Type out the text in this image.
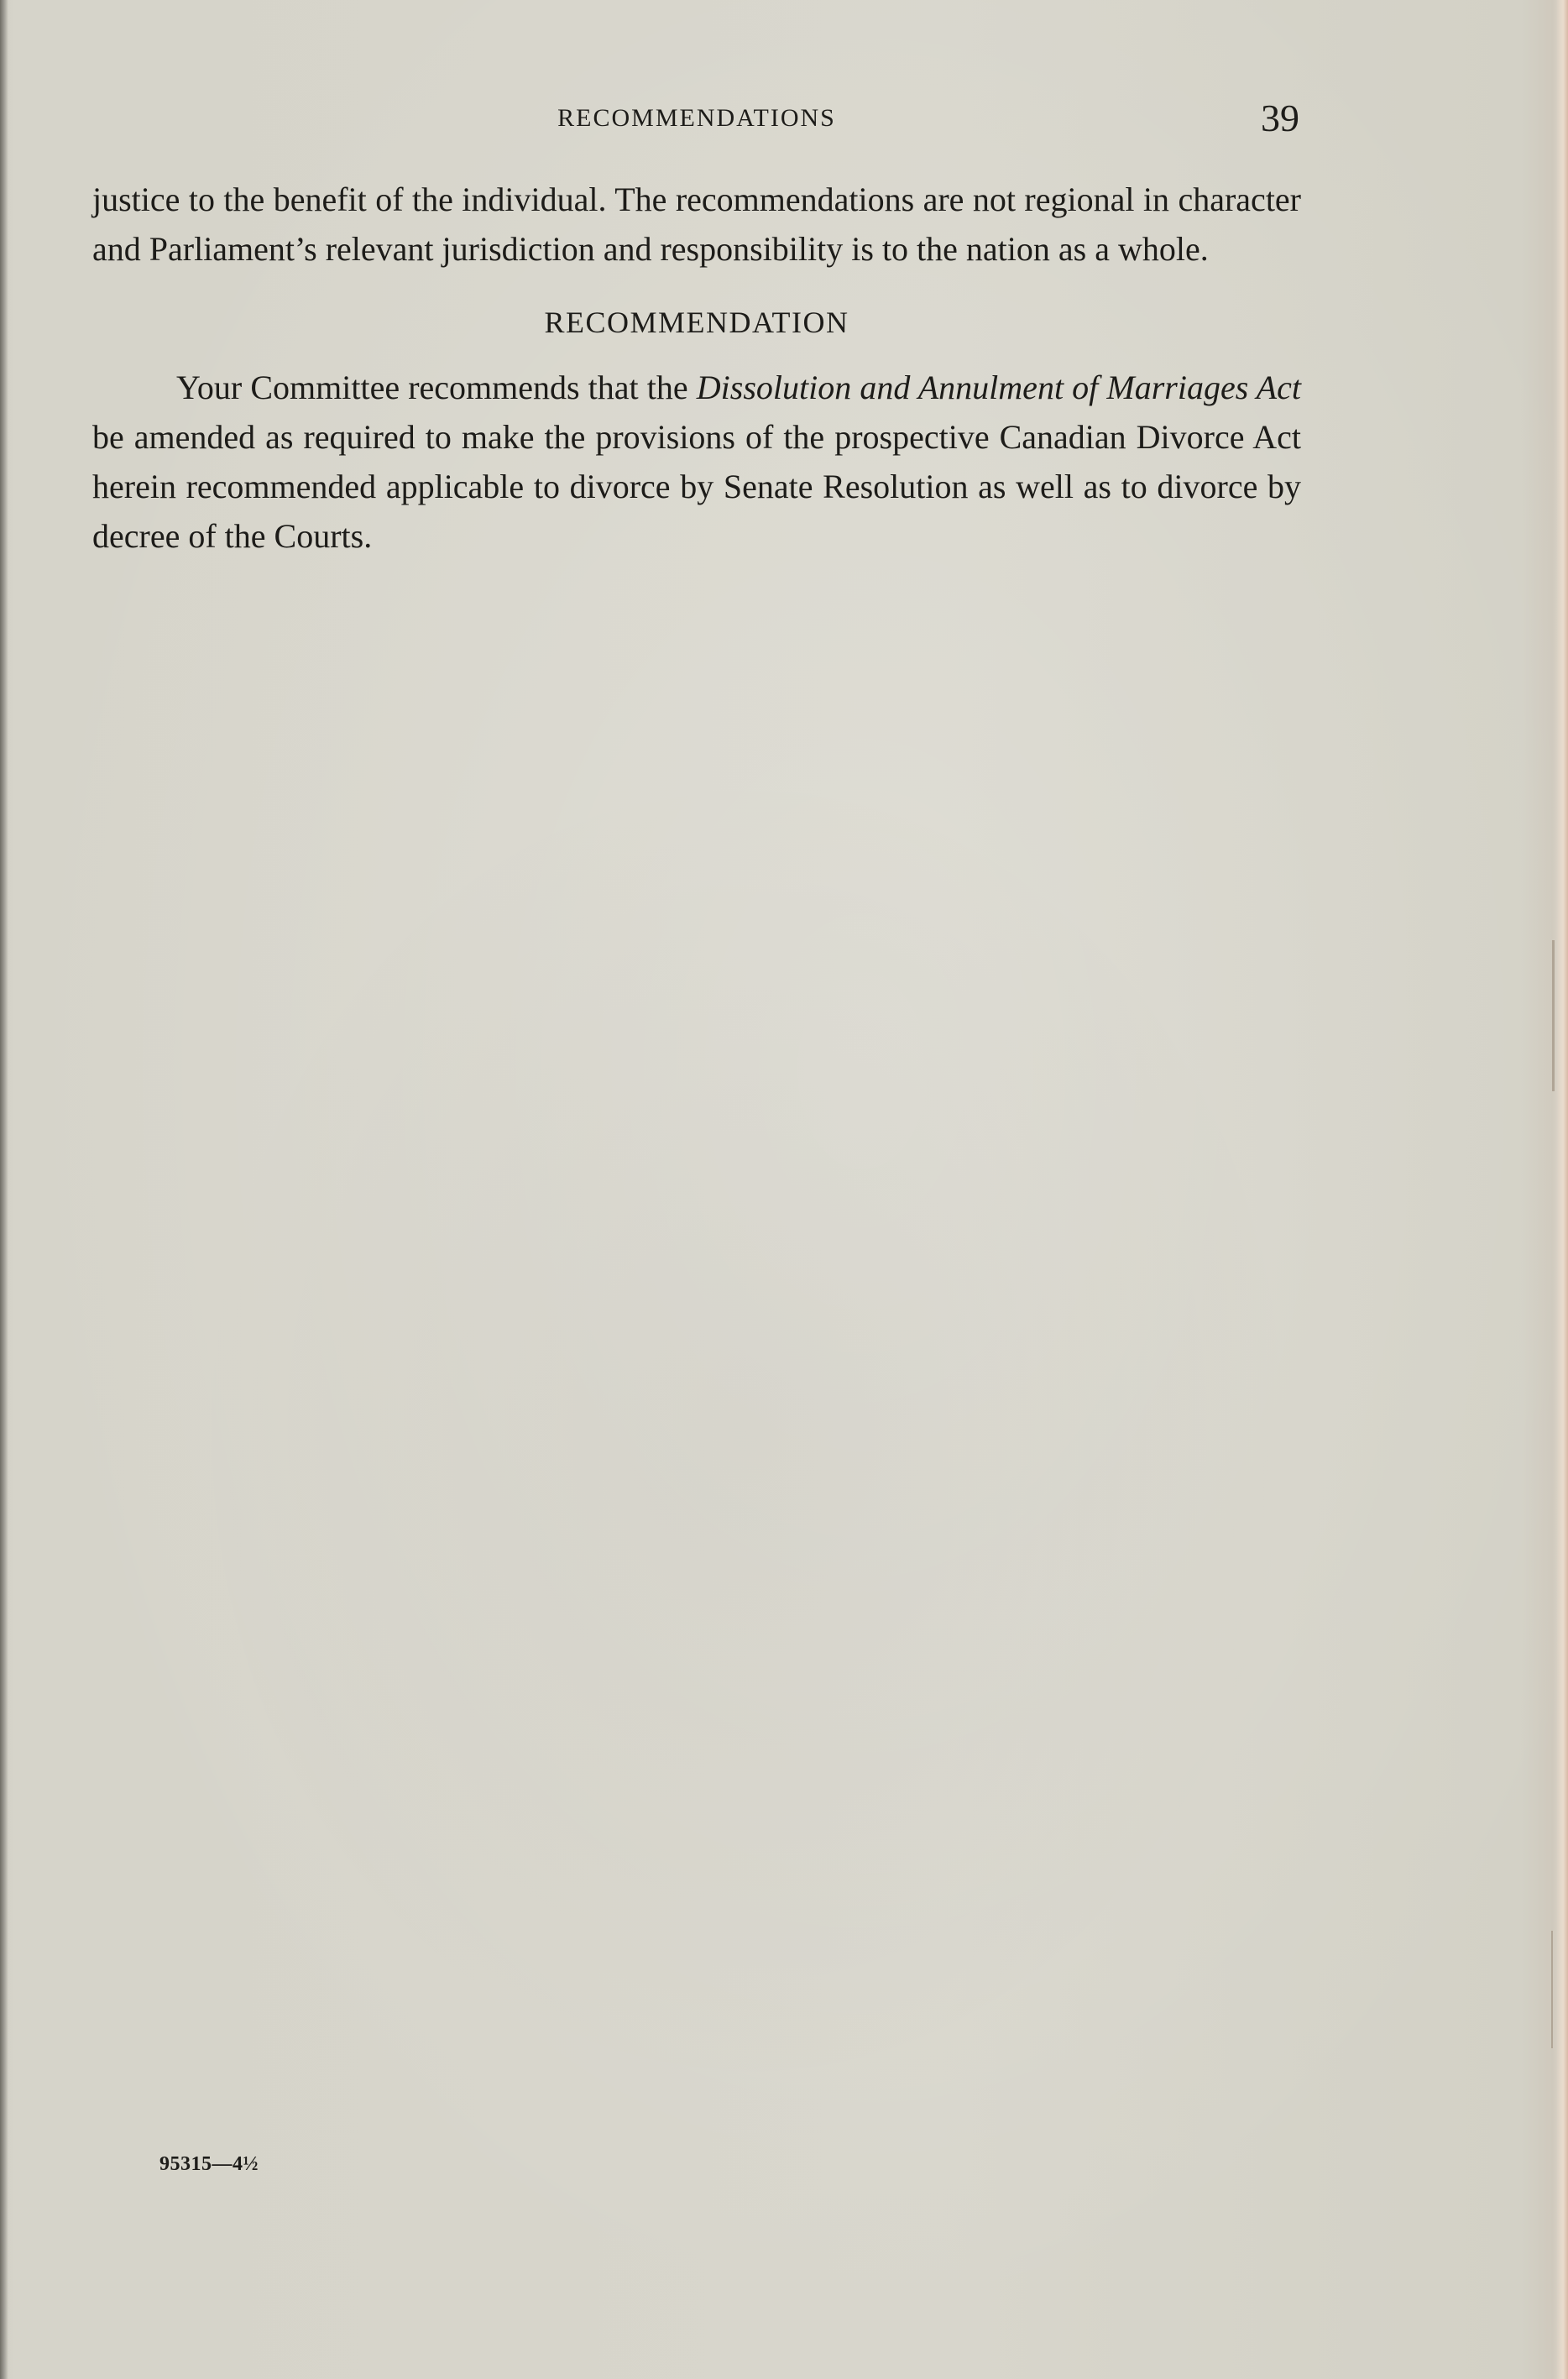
RECOMMENDATIONS	39

justice to the benefit of the individual. The recommendations are not regional in character and Parliament’s relevant jurisdiction and responsibility is to the nation as a whole.

RECOMMENDATION

Your Committee recommends that the Dissolution and Annulment of Marriages Act be amended as required to make the provisions of the prospective Canadian Divorce Act herein recommended applicable to divorce by Senate Resolution as well as to divorce by decree of the Courts.

95315—4½
